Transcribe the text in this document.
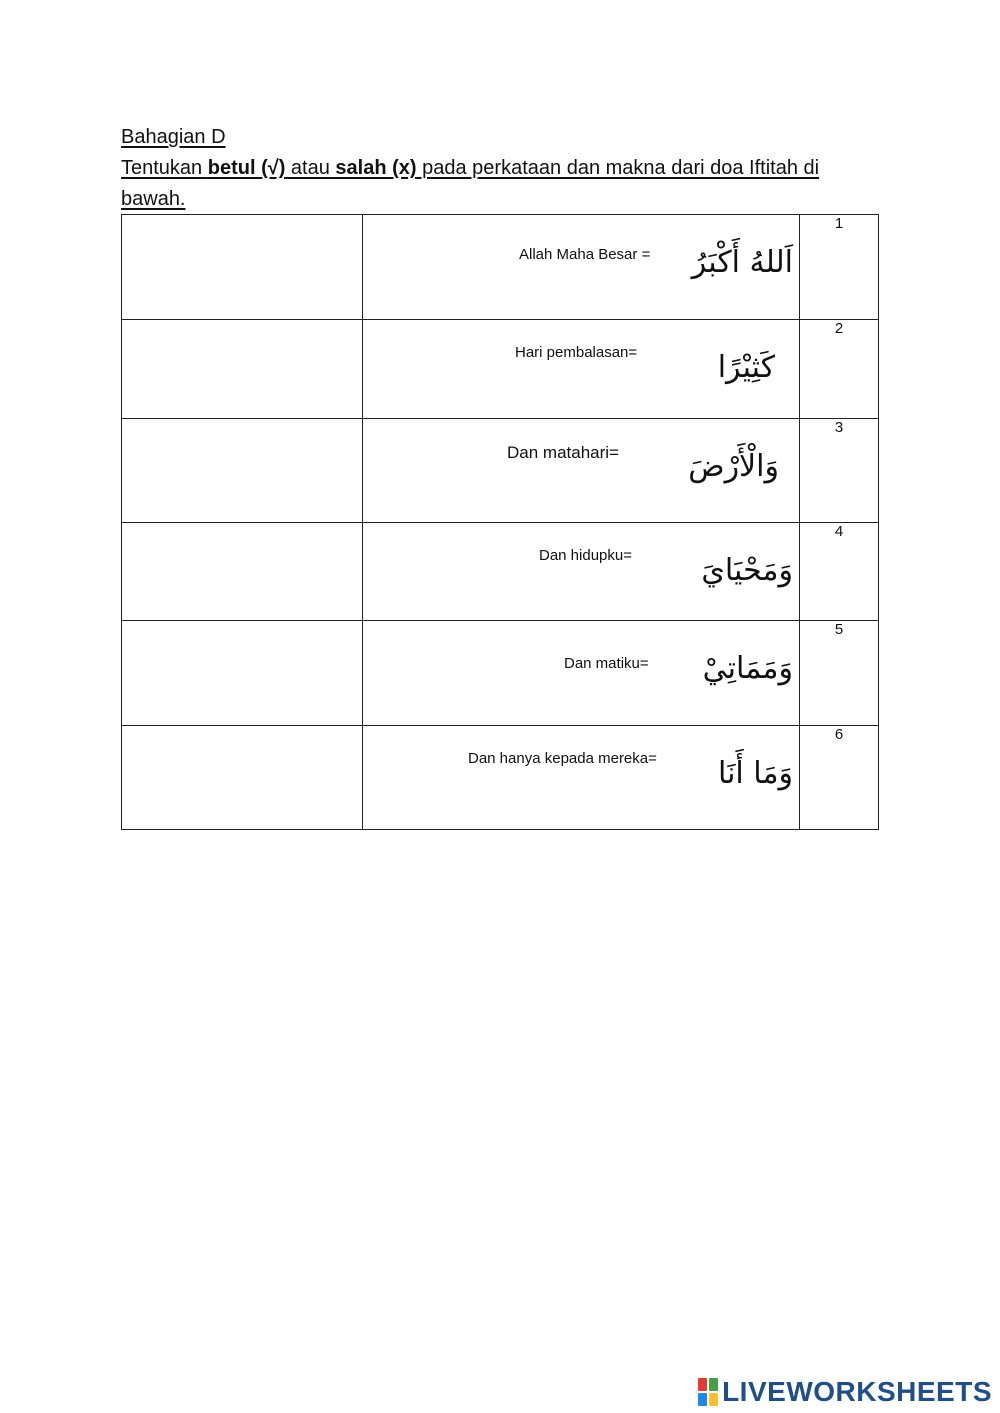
Bahagian D
Tentukan betul (√) atau salah (x) pada perkataan dan makna dari doa Iftitah di bawah.

	Allah Maha Besar = اَللهُ أَكْبَرُ	1

	Hari pembalasan= كَثِيْرًا	2

	Dan matahari= وَالْأَرْضَ	3

	Dan hidupku= وَمَحْيَايَ	4

	Dan matiku= وَمَمَاتِيْ	5

	Dan hanya kepada mereka= وَمَا أَنَا	6
LIVEWORKSHEETS
